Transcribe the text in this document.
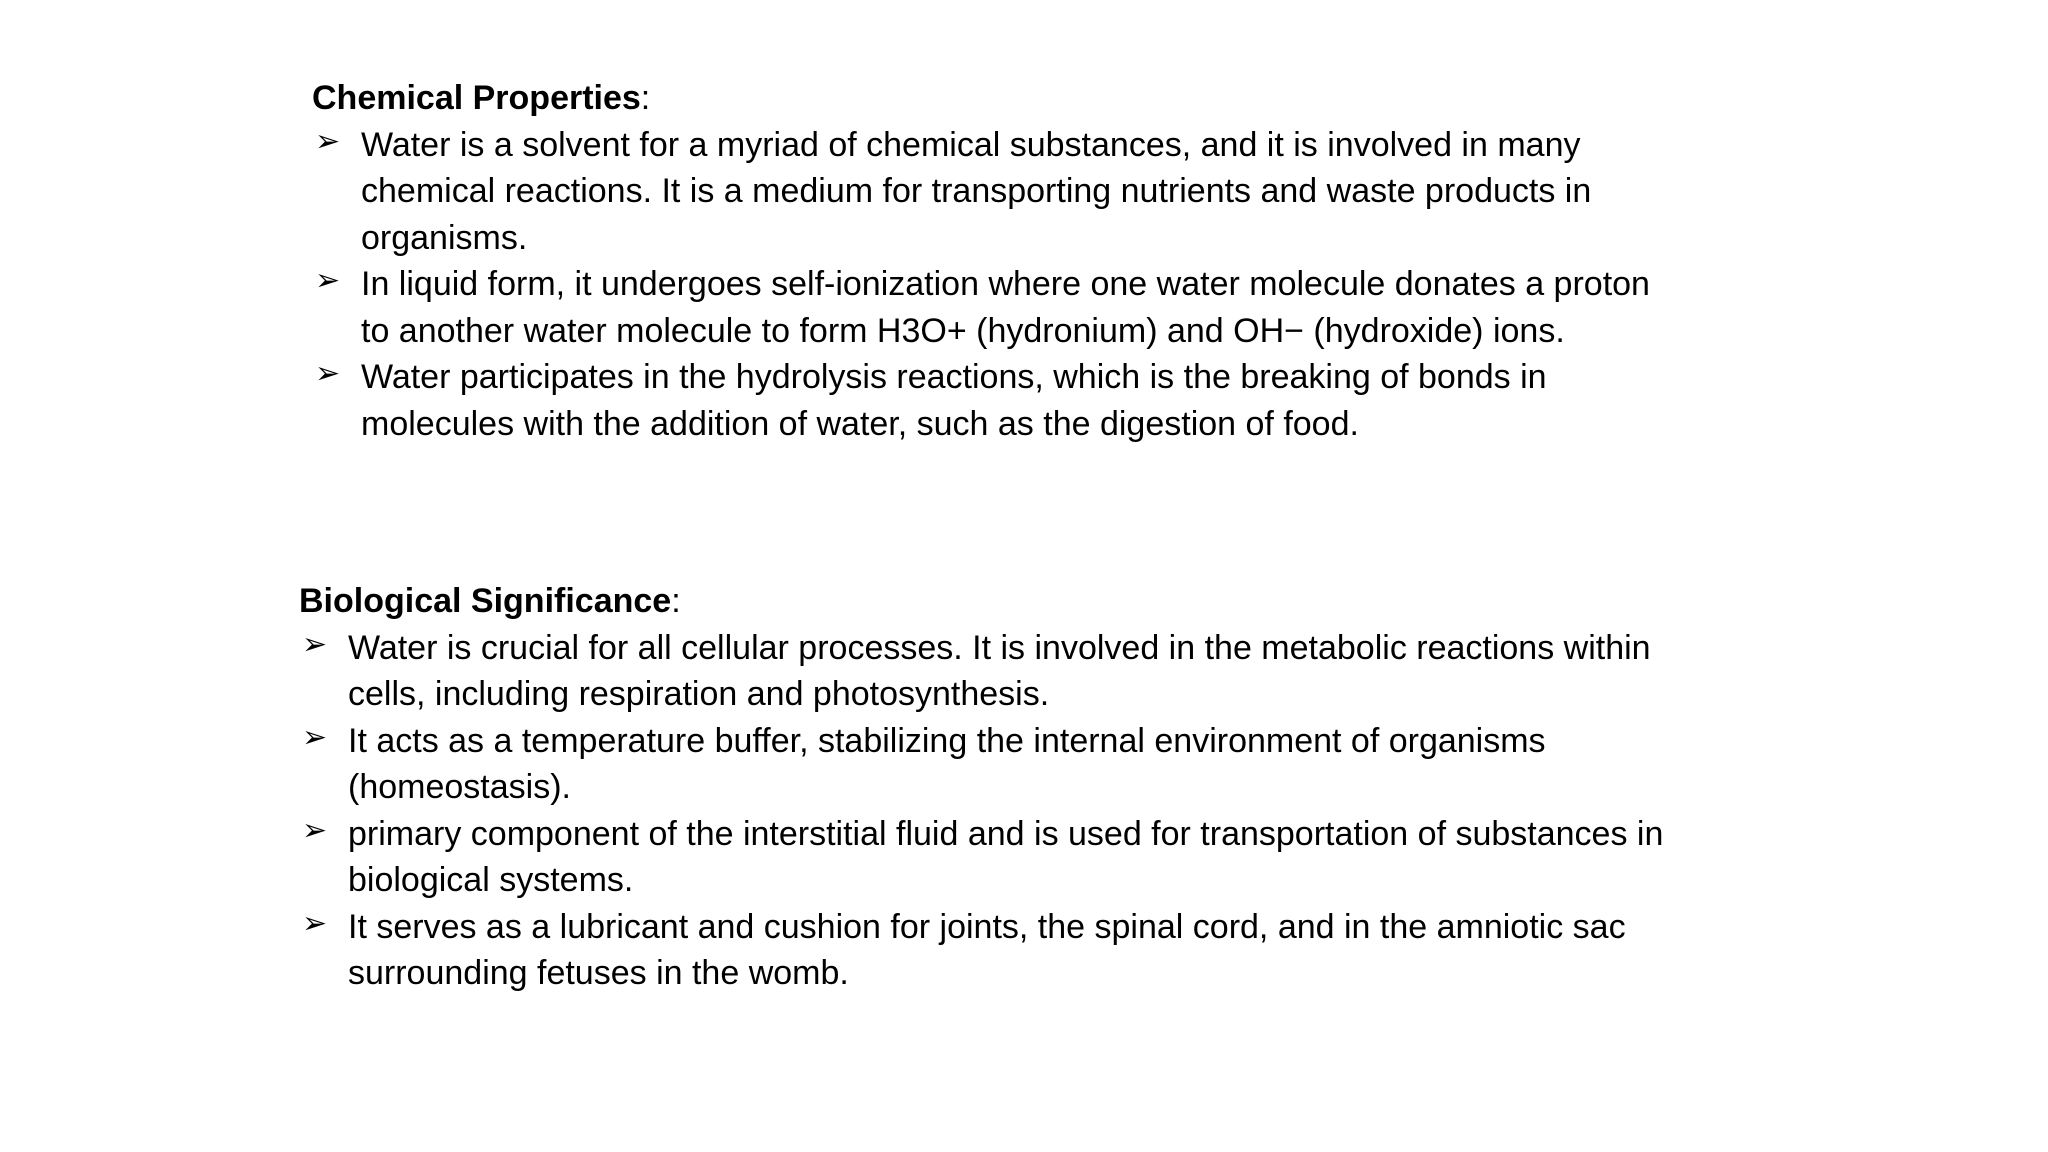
Chemical Properties:
➢ Water is a solvent for a myriad of chemical substances, and it is involved in many chemical reactions. It is a medium for transporting nutrients and waste products in organisms.
➢ In liquid form, it undergoes self-ionization where one water molecule donates a proton to another water molecule to form H3O+ (hydronium) and OH− (hydroxide) ions.
➢ Water participates in the hydrolysis reactions, which is the breaking of bonds in molecules with the addition of water, such as the digestion of food.
Biological Significance:
➢ Water is crucial for all cellular processes. It is involved in the metabolic reactions within cells, including respiration and photosynthesis.
➢ It acts as a temperature buffer, stabilizing the internal environment of organisms (homeostasis).
➢ primary component of the interstitial fluid and is used for transportation of substances in biological systems.
➢ It serves as a lubricant and cushion for joints, the spinal cord, and in the amniotic sac surrounding fetuses in the womb.
